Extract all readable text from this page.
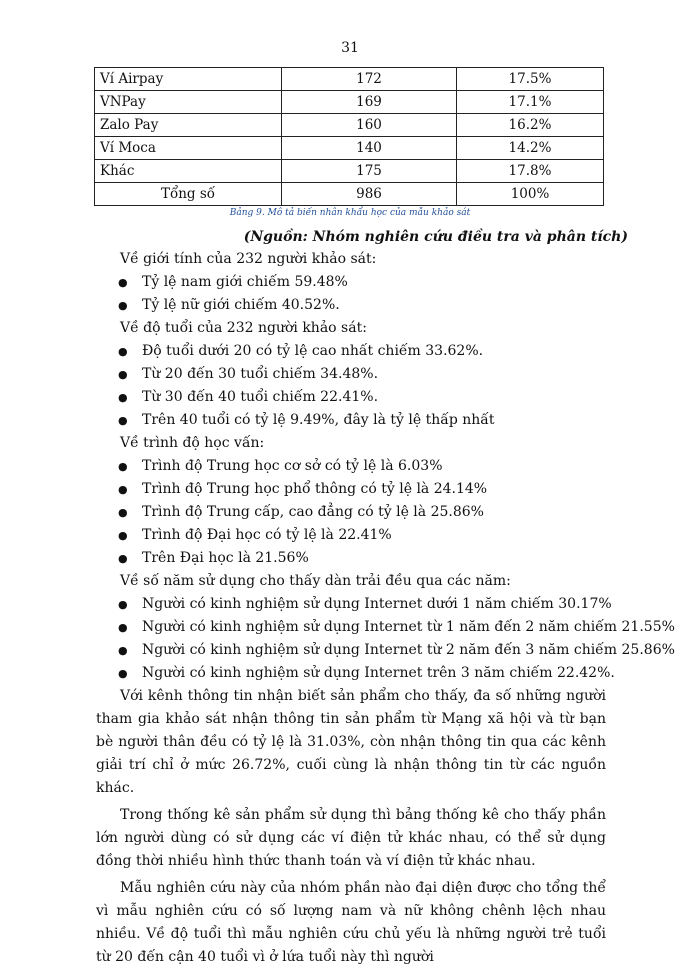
31
Ví Airpay	172	17.5%
VNPay	169	17.1%
Zalo Pay	160	16.2%
Ví Moca	140	14.2%
Khác	175	17.8%
Tổng số	986	100%
Bảng 9. Mô tả biến nhân khẩu học của mẫu khảo sát
(Nguồn: Nhóm nghiên cứu điều tra và phân tích)
Về giới tính của 232 người khảo sát:
● Tỷ lệ nam giới chiếm 59.48%
● Tỷ lệ nữ giới chiếm 40.52%.
Về độ tuổi của 232 người khảo sát:
● Độ tuổi dưới 20 có tỷ lệ cao nhất chiếm 33.62%.
● Từ 20 đến 30 tuổi chiếm 34.48%.
● Từ 30 đến 40 tuổi chiếm 22.41%.
● Trên 40 tuổi có tỷ lệ 9.49%, đây là tỷ lệ thấp nhất
Về trình độ học vấn:
● Trình độ Trung học cơ sở có tỷ lệ là 6.03%
● Trình độ Trung học phổ thông có tỷ lệ là 24.14%
● Trình độ Trung cấp, cao đẳng có tỷ lệ là 25.86%
● Trình độ Đại học có tỷ lệ là 22.41%
● Trên Đại học là 21.56%
Về số năm sử dụng cho thấy dàn trải đều qua các năm:
● Người có kinh nghiệm sử dụng Internet dưới 1 năm chiếm 30.17%
● Người có kinh nghiệm sử dụng Internet từ 1 năm đến 2 năm chiếm 21.55%
● Người có kinh nghiệm sử dụng Internet từ 2 năm đến 3 năm chiếm 25.86%
● Người có kinh nghiệm sử dụng Internet trên 3 năm chiếm 22.42%.

Với kênh thông tin nhận biết sản phẩm cho thấy, đa số những người tham gia khảo sát nhận thông tin sản phẩm từ Mạng xã hội và từ bạn bè người thân đều có tỷ lệ là 31.03%, còn nhận thông tin qua các kênh giải trí chỉ ở mức 26.72%, cuối cùng là nhận thông tin từ các nguồn khác.

Trong thống kê sản phẩm sử dụng thì bảng thống kê cho thấy phần lớn người dùng có sử dụng các ví điện tử khác nhau, có thể sử dụng đồng thời nhiều hình thức thanh toán và ví điện tử khác nhau.

Mẫu nghiên cứu này của nhóm phần nào đại diện được cho tổng thể vì mẫu nghiên cứu có số lượng nam và nữ không chênh lệch nhau nhiều. Về độ tuổi thì mẫu nghiên cứu chủ yếu là những người trẻ tuổi từ 20 đến cận 40 tuổi vì ở lứa tuổi này thì người
